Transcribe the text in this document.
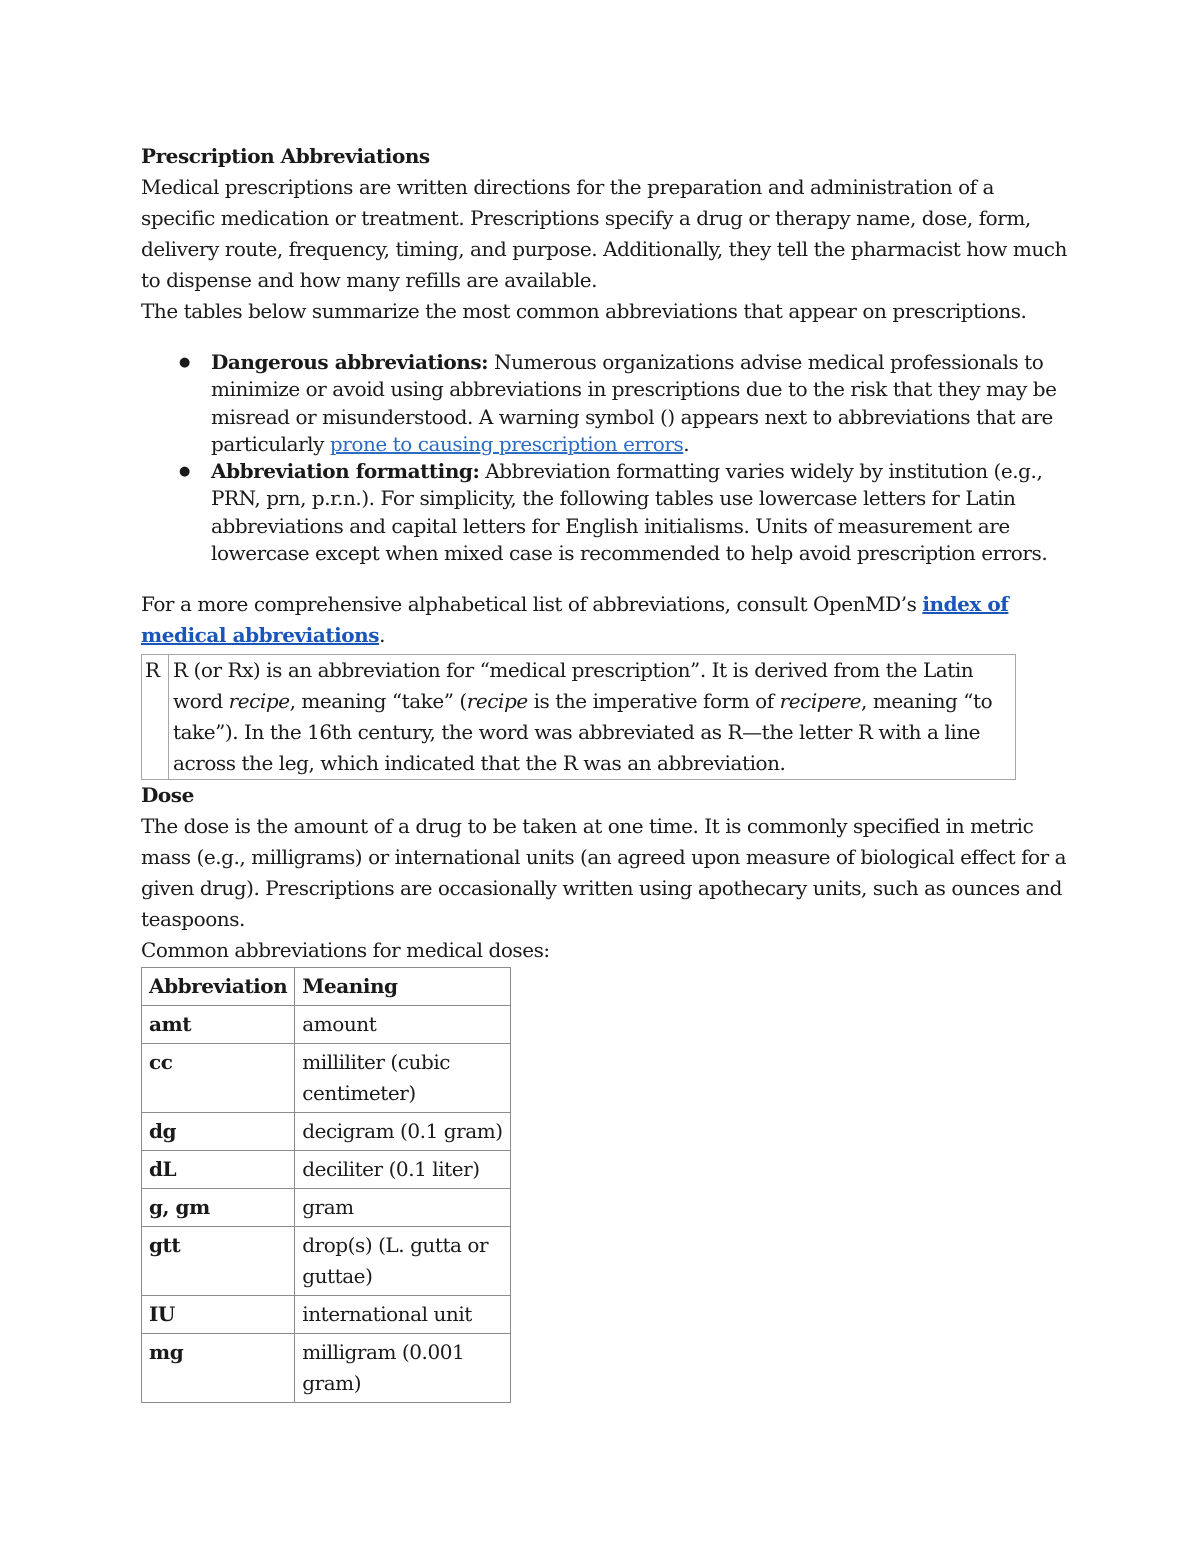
Prescription Abbreviations

Medical prescriptions are written directions for the preparation and administration of a specific medication or treatment. Prescriptions specify a drug or therapy name, dose, form, delivery route, frequency, timing, and purpose. Additionally, they tell the pharmacist how much to dispense and how many refills are available.

The tables below summarize the most common abbreviations that appear on prescriptions.

● Dangerous abbreviations: Numerous organizations advise medical professionals to minimize or avoid using abbreviations in prescriptions due to the risk that they may be misread or misunderstood. A warning symbol () appears next to abbreviations that are particularly prone to causing prescription errors.
● Abbreviation formatting: Abbreviation formatting varies widely by institution (e.g., PRN, prn, p.r.n.). For simplicity, the following tables use lowercase letters for Latin abbreviations and capital letters for English initialisms. Units of measurement are lowercase except when mixed case is recommended to help avoid prescription errors.

For a more comprehensive alphabetical list of abbreviations, consult OpenMD’s index of medical abbreviations.

R	R (or Rx) is an abbreviation for “medical prescription”. It is derived from the Latin word recipe, meaning “take” (recipe is the imperative form of recipere, meaning “to take”). In the 16th century, the word was abbreviated as R—the letter R with a line across the leg, which indicated that the R was an abbreviation.

Dose

The dose is the amount of a drug to be taken at one time. It is commonly specified in metric mass (e.g., milligrams) or international units (an agreed upon measure of biological effect for a given drug). Prescriptions are occasionally written using apothecary units, such as ounces and teaspoons.

Common abbreviations for medical doses:

Abbreviation	Meaning
amt	amount
cc	milliliter (cubic centimeter)
dg	decigram (0.1 gram)
dL	deciliter (0.1 liter)
g, gm	gram
gtt	drop(s) (L. gutta or guttae)
IU	international unit
mg	milligram (0.001 gram)
